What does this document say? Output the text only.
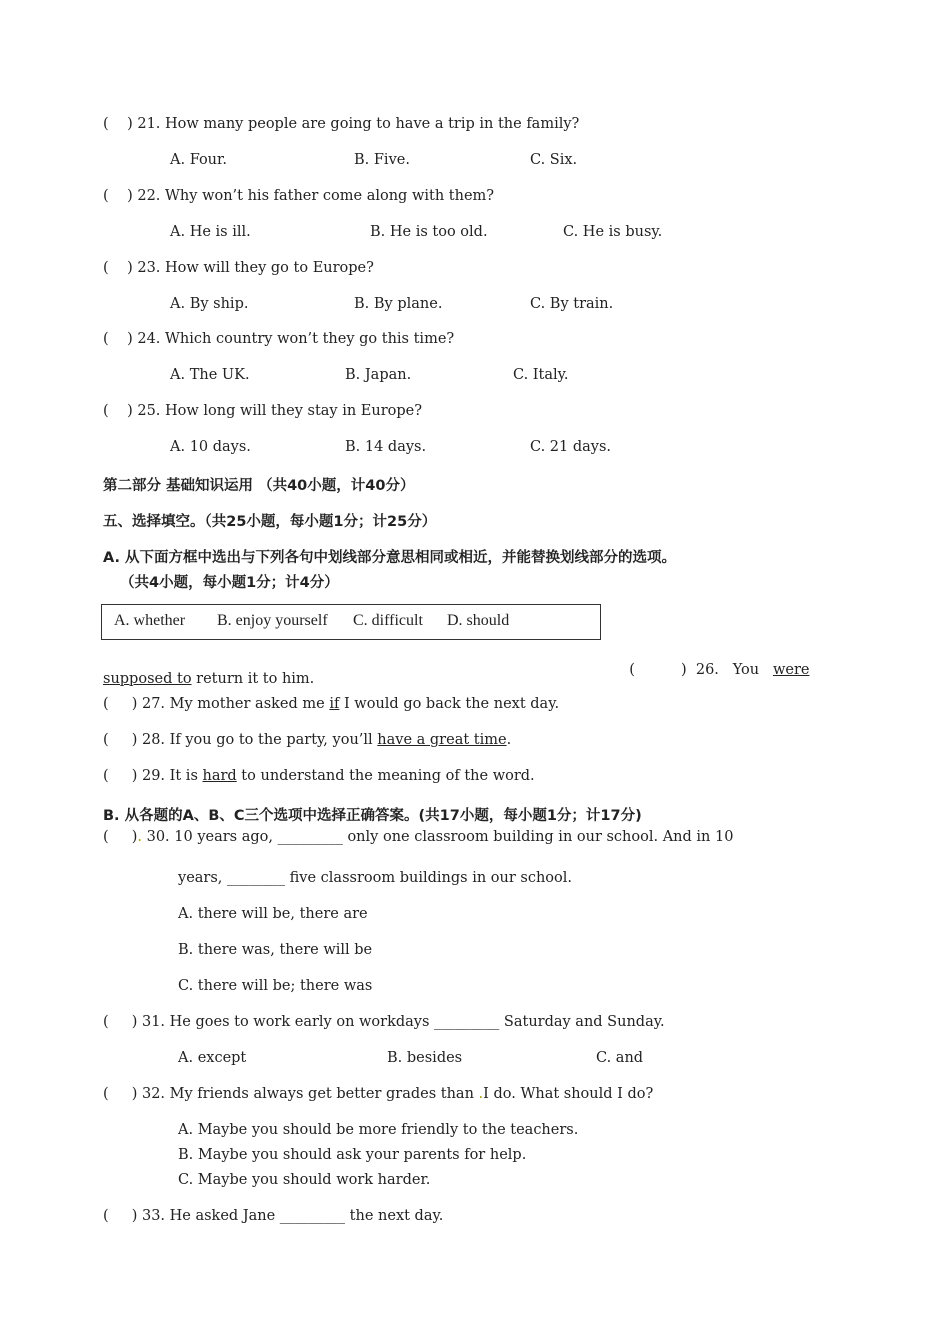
(    ) 21. How many people are going to have a trip in the family?
A. Four.	B. Five.	C. Six.
(    ) 22. Why won’t his father come along with them?
A. He is ill.	B. He is too old.	C. He is busy.
(    ) 23. How will they go to Europe?
A. By ship.	B. By plane.	C. By train.
(    ) 24. Which country won’t they go this time?
A. The UK.	B. Japan.	C. Italy.
(    ) 25. How long will they stay in Europe?
A. 10 days.	B. 14 days.	C. 21 days.
第二部分 基础知识运用 （共40小题，计40分）
五、选择填空。（共25小题，每小题1分；计25分）
A. 从下面方框中选出与下列各句中划线部分意思相同或相近，并能替换划线部分的选项。
（共4小题，每小题1分；计4分）
A. whether B. enjoy yourself C. difficult D. should

(          )  26.   You were

supposed to return it to him.
(     ) 27. My mother asked me if I would go back the next day.
(     ) 28. If you go to the party, you’ll have a great time.
(     ) 29. It is hard to understand the meaning of the word.
B. 从各题的A、B、C三个选项中选择正确答案。(共17小题，每小题1分；计17分)
(     ). 30. 10 years ago, _________ only one classroom building in our school. And in 10
years, ________ five classroom buildings in our school.
A. there will be, there are
B. there was, there will be
C. there will be; there was
(     ) 31. He goes to work early on workdays _________ Saturday and Sunday.
A. except	B. besides	C. and
(     ) 32. My friends always get better grades than .I do. What should I do?
A. Maybe you should be more friendly to the teachers.
B. Maybe you should ask your parents for help.
C. Maybe you should work harder.
(     ) 33. He asked Jane _________ the next day.
